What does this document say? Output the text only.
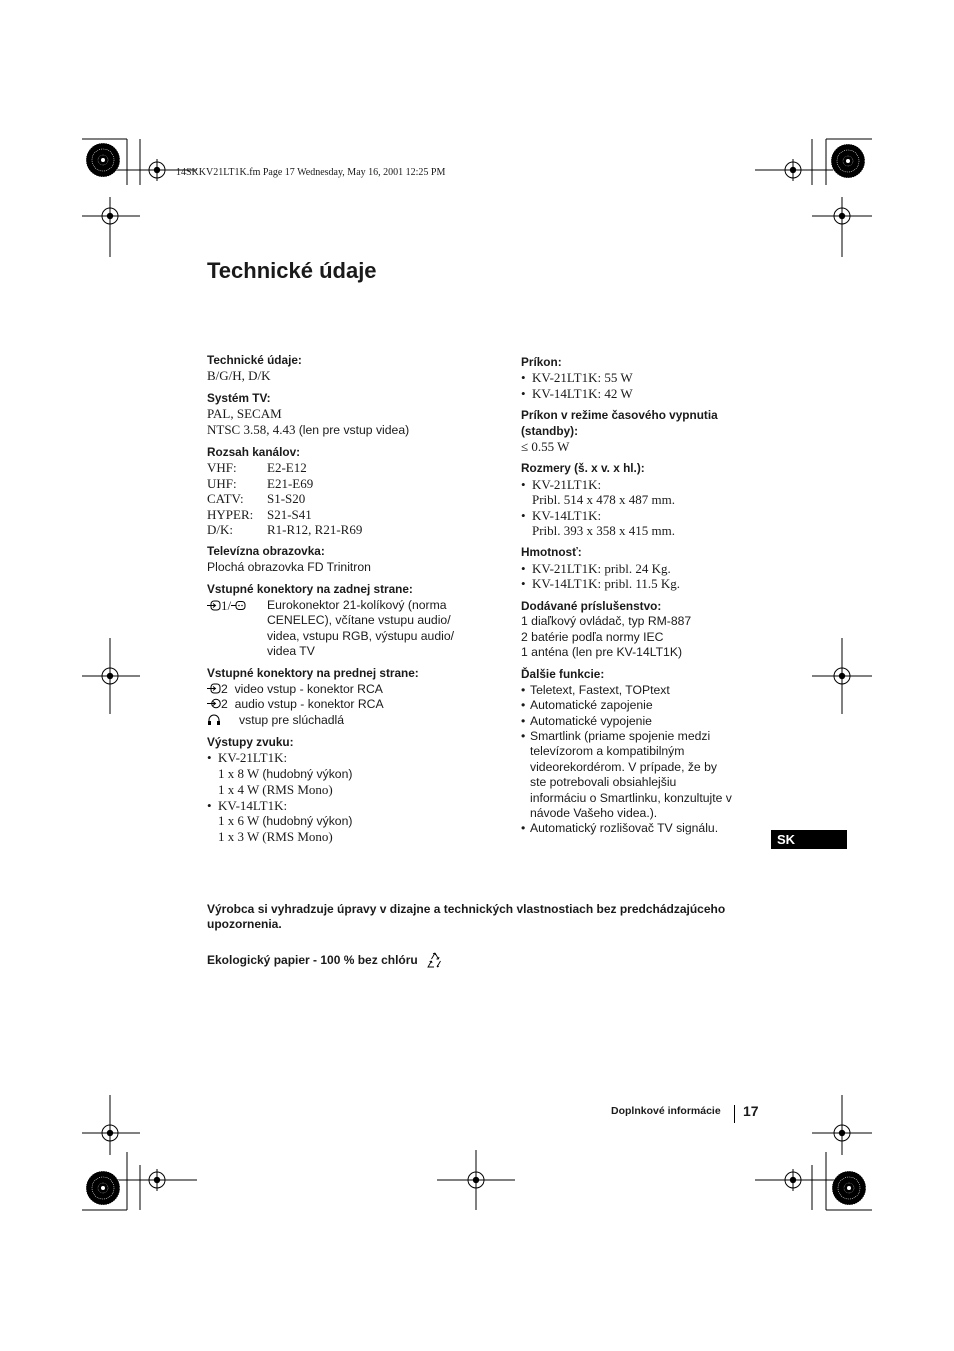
14SKKV21LT1K.fm Page 17 Wednesday, May 16, 2001 12:25 PM
Technické údaje
Technické údaje:
B/G/H, D/K
Systém TV:
PAL, SECAM
NTSC 3.58, 4.43 (len pre vstup videa)
Rozsah kanálov:
VHF: E2-E12
UHF: E21-E69
CATV: S1-S20
HYPER: S21-S41
D/K:	R1-R12, R21-R69
Televízna obrazovka:
Plochá obrazovka FD Trinitron
Vstupné konektory na zadnej strane:
1/	Eurokonektor 21-kolíkový (norma
CENELEC), včítane vstupu audio/
videa, vstupu RGB, výstupu audio/
videa TV
Vstupné konektory na prednej strane:
2 video vstup - konektor RCA
2 audio vstup - konektor RCA
vstup pre slúchadlá
Výstupy zvuku:
• KV-21LT1K:
1 x 8 W (hudobný výkon)
1 x 4 W (RMS Mono)
• KV-14LT1K:
1 x 6 W (hudobný výkon)
1 x 3 W (RMS Mono)
Príkon:
• KV-21LT1K: 55 W
• KV-14LT1K: 42 W
Príkon v režime časového vypnutia
(standby):
≤ 0.55 W
Rozmery (š. x v. x hl.):
• KV-21LT1K:
Pribl. 514 x 478 x 487 mm.
• KV-14LT1K:
Pribl. 393 x 358 x 415 mm.
Hmotnosť:
• KV-21LT1K: pribl. 24 Kg.
• KV-14LT1K: pribl. 11.5 Kg.
Dodávané príslušenstvo:
1 diaľkový ovládač, typ RM-887
2 batérie podľa normy IEC
1 anténa (len pre KV-14LT1K)
Ďalšie funkcie:
• Teletext, Fastext, TOPtext
• Automatické zapojenie
• Automatické vypojenie
• Smartlink (priame spojenie medzi
televízorom a kompatibilným
videorekordérom. V prípade, že by
ste potrebovali obsiahlejšiu
informáciu o Smartlinku, konzultujte v
návode Vašeho videa.).
• Automatický rozlišovač TV signálu.
SK
Výrobca si vyhradzuje úpravy v dizajne a technických vlastnostiach bez predchádzajúceho upozornenia.
Ekologický papier - 100 % bez chlóru
Doplnkové informácie 17
